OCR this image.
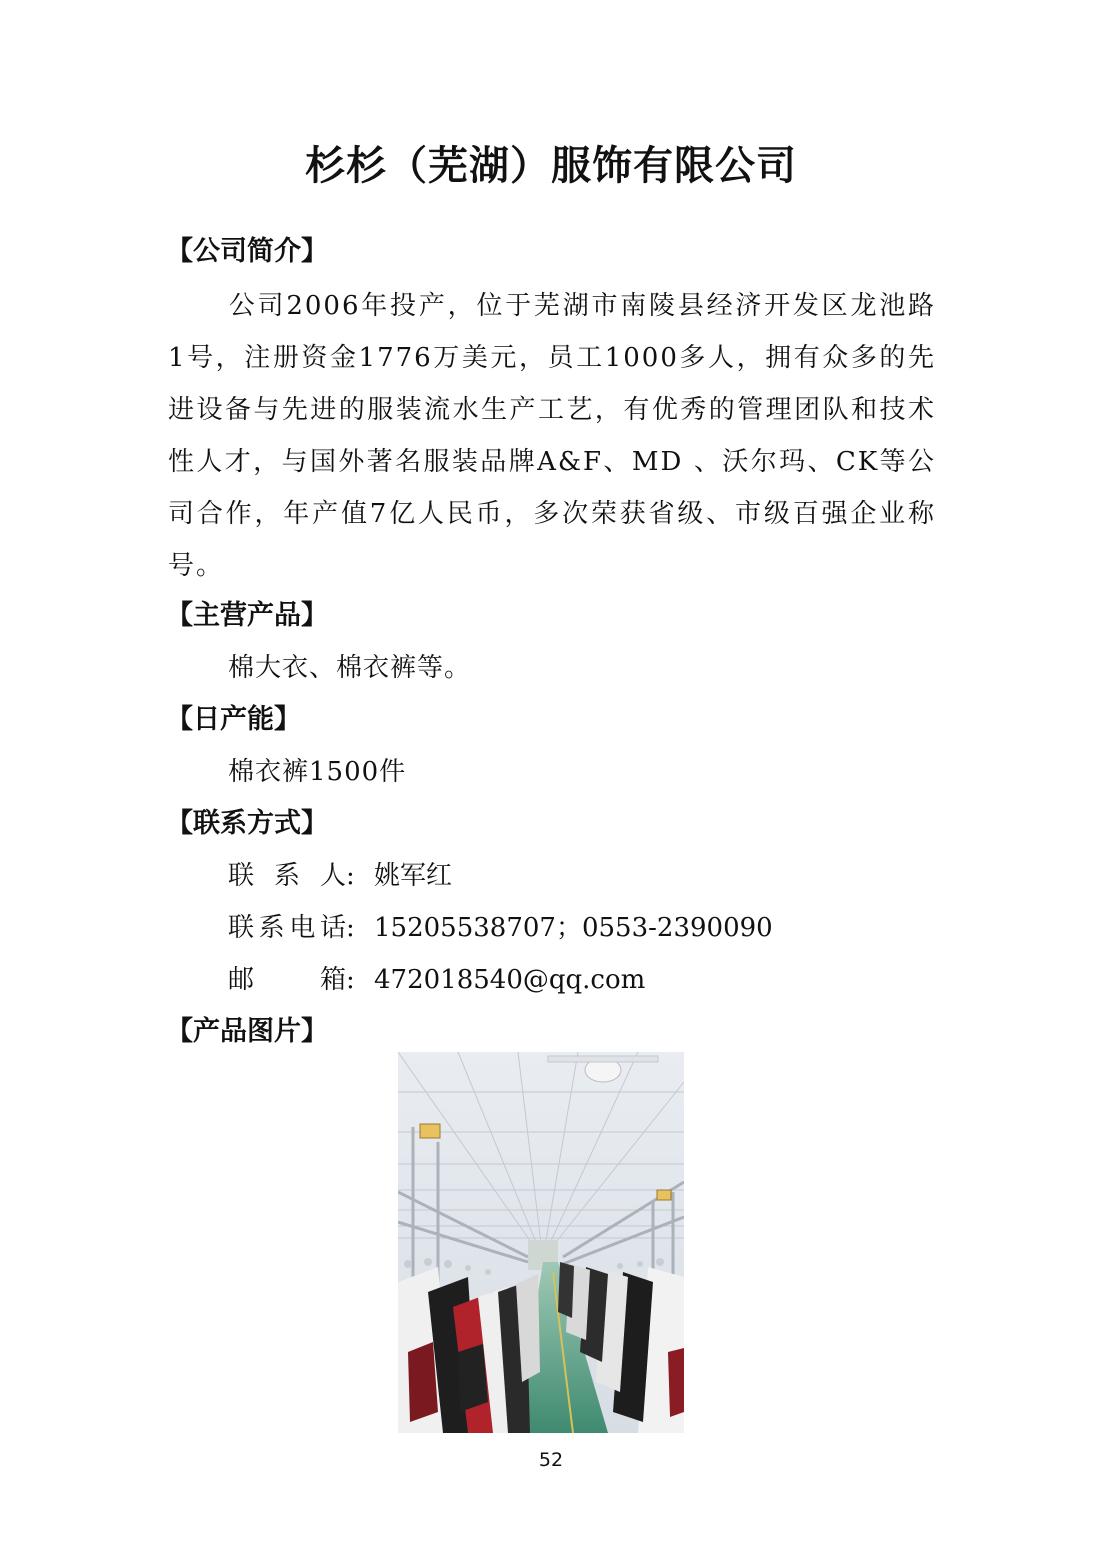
杉杉（芜湖）服饰有限公司
【公司简介】
公司2006年投产，位于芜湖市南陵县经济开发区龙池路1号，注册资金1776万美元，员工1000多人，拥有众多的先进设备与先进的服装流水生产工艺，有优秀的管理团队和技术性人才，与国外著名服装品牌A&F、MD 、沃尔玛、CK等公司合作，年产值7亿人民币，多次荣获省级、市级百强企业称号。
【主营产品】
棉大衣、棉衣裤等。
【日产能】
棉衣裤1500件
【联系方式】
联系人 : 姚军红
联系电话 : 15205538707；0553-2390090
邮箱 : 472018540@qq.com
【产品图片】
52
